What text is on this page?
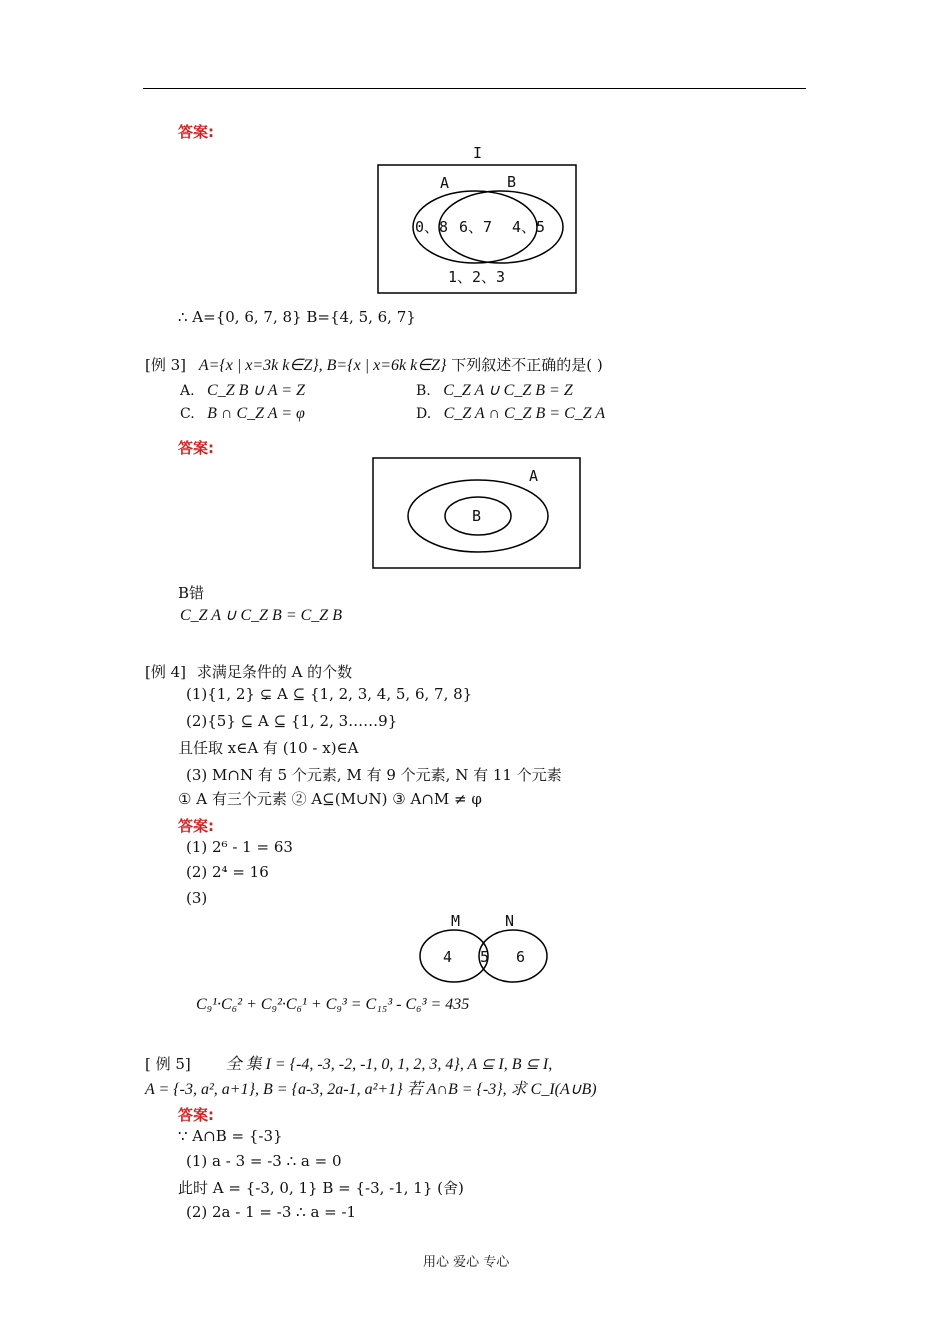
答案:
I
A	B
0、8 6、7 4、5
1、2、3
∴ A={0, 6, 7, 8} B={4, 5, 6, 7}
[例 3] A={x | x=3k k∈Z}, B={x | x=6k k∈Z} 下列叙述不正确的是( )
A. C_Z B ∪ A = Z	B. C_Z A ∪ C_Z B = Z
C. B ∩ C_Z A = φ	D. C_Z A ∩ C_Z B = C_Z A
答案:
A
B
B错
C_Z A ∪ C_Z B = C_Z B
[例 4] 求满足条件的 A 的个数
(1){1, 2} ⊊ A ⊆ {1, 2, 3, 4, 5, 6, 7, 8}
(2){5} ⊆ A ⊆ {1, 2, 3……9}
且任取 x∈A 有 (10 - x)∈A
(3) M∩N 有 5 个元素, M 有 9 个元素, N 有 11 个元素
① A 有三个元素 ② A⊆(M∪N) ③ A∩M ≠ φ
答案:
(1) 2⁶ - 1 = 63
(2) 2⁴ = 16
(3)
M	N
4 5 6
C₉¹·C₆² + C₉²·C₆¹ + C₉³ = C₁₅³ - C₆³ = 435
[ 例 5] 全 集 I = {-4, -3, -2, -1, 0, 1, 2, 3, 4}, A ⊆ I, B ⊆ I,
A = {-3, a², a+1}, B = {a-3, 2a-1, a²+1} 若 A∩B = {-3}, 求 C_I(A∪B)
答案:
∵ A∩B = {-3}
(1) a - 3 = -3 ∴ a = 0
此时 A = {-3, 0, 1} B = {-3, -1, 1} (舍)
(2) 2a - 1 = -3 ∴ a = -1
用心 爱心 专心
